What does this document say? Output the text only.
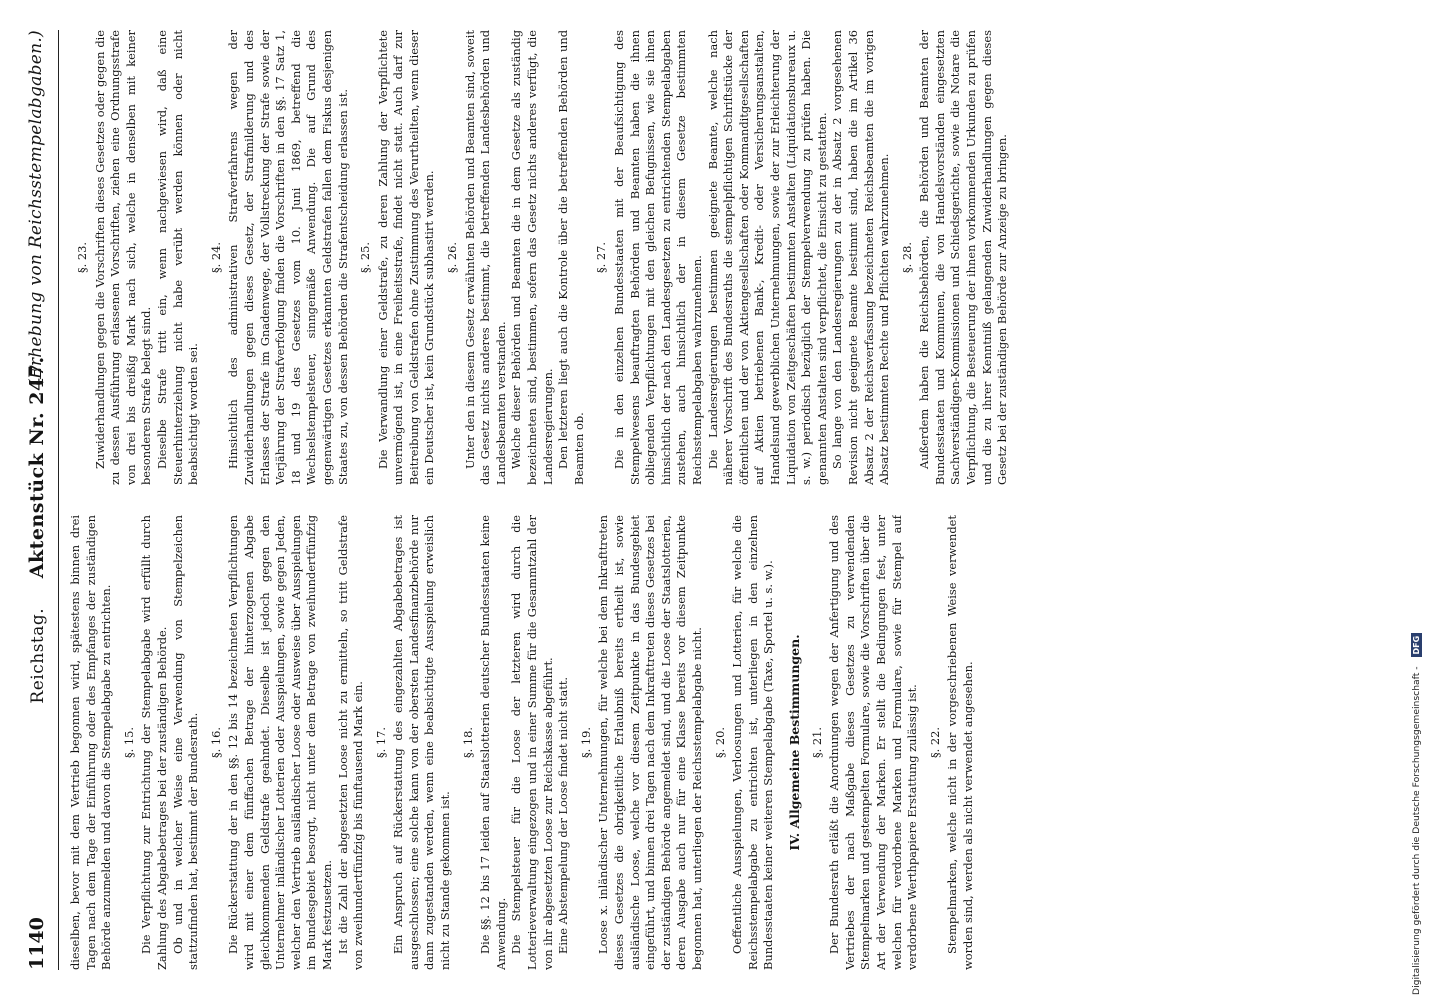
1140
Reichstag.     Aktenstück Nr. 247.
(Erhebung von Reichsstempelabgaben.)

dieselben, bevor mit dem Vertrieb begonnen wird, spätestens binnen drei Tagen nach dem Tage der Einführung oder des Empfanges der zuständigen Behörde anzumelden und davon die Stempelabgabe zu entrichten. §. 15. Die Verpflichtung zur Entrichtung der Stempelabgabe wird erfüllt durch Zahlung des Abgabebetrages bei der zuständigen Behörde. Ob und in welcher Weise eine Verwendung von Stempelzeichen stattzufinden hat, bestimmt der Bundesrath. §. 16. Die Rückerstattung der in den §§. 12 bis 14 bezeichneten Verpflichtungen wird mit einer dem fünffachen Betrage der hinterzogenen Abgabe gleichkommenden Geldstrafe geahndet. Dieselbe ist jedoch gegen den Unternehmer inländischer Lotterien oder Ausspielungen, sowie gegen Jeden, welcher den Vertrieb ausländischer Loose oder Ausweise über Ausspielungen im Bundesgebiet besorgt, nicht unter dem Betrage von zweihundertfünfzig Mark festzusetzen. Ist die Zahl der abgesetzten Loose nicht zu ermitteln, so tritt Geldstrafe von zweihundertfünfzig bis fünftausend Mark ein. §. 17. Ein Anspruch auf Rückerstattung des eingezahlten Abgabebetrages ist ausgeschlossen; eine solche kann von der obersten Landesfinanzbehörde nur dann zugestanden werden, wenn eine beabsichtigte Ausspielung erweislich nicht zu Stande gekommen ist.

§. 18. Die §§. 12 bis 17 leiden auf Staatslotterien deutscher Bundesstaaten keine Anwendung. Die Stempelsteuer für die Loose der letzteren wird durch die Lotterieverwaltung eingezogen und in einer Summe für die Gesammtzahl der von ihr abgesetzten Loose zur Reichskasse abgeführt. Eine Abstempelung der Loose findet nicht statt. §. 19. Loose x. inländischer Unternehmungen, für welche bei dem Inkrafttreten dieses Gesetzes die obrigkeitliche Erlaubniß bereits ertheilt ist, sowie ausländische Loose, welche vor diesem Zeitpunkte in das Bundesgebiet eingeführt, und binnen drei Tagen nach dem Inkrafttreten dieses Gesetzes bei der zuständigen Behörde angemeldet sind, und die Loose der Staatslotterien, deren Ausgabe auch nur für eine Klasse bereits vor diesem Zeitpunkte begonnen hat, unterliegen der Reichsstempelabgabe nicht. §. 20. Oeffentliche Ausspielungen, Verloosungen und Lotterien, für welche die Reichsstempelabgabe zu entrichten ist, unterliegen in den einzelnen Bundesstaaten keiner weiteren Stempelabgabe (Taxe, Sportel u. s. w.). IV. Allgemeine Bestimmungen. §. 21. Der Bundesrath erläßt die Anordnungen wegen der Anfertigung und des Vertriebes der nach Maßgabe dieses Gesetzes zu verwendenden Stempelmarken und gestempelten Formulare, sowie die Vorschriften über die Art der Verwendung der Marken. Er stellt die Bedingungen fest, unter welchen für verdorbene Marken und Formulare, sowie für Stempel auf verdorbene Werthpapiere Erstattung zulässig ist. §. 22. Stempelmarken, welche nicht in der vorgeschriebenen Weise verwendet worden sind, werden als nicht verwendet angesehen.

§. 23. Zuwiderhandlungen gegen die Vorschriften dieses Gesetzes oder gegen die zu dessen Ausführung erlassenen Vorschriften, ziehen eine Ordnungsstrafe von drei bis dreißig Mark nach sich, welche in denselben mit keiner besonderen Strafe belegt sind. Dieselbe Strafe tritt ein, wenn nachgewiesen wird, daß eine Steuerhinterziehung nicht habe verübt werden können oder nicht beabsichtigt worden sei.

§. 24. Hinsichtlich des administrativen Strafverfahrens wegen der Zuwiderhandlungen gegen dieses Gesetz, der Strafmilderung und des Erlasses der Strafe im Gnadenwege, der Vollstreckung der Strafe sowie der Verjährung der Strafverfolgung finden die Vorschriften in den §§. 17 Satz 1, 18 und 19 des Gesetzes vom 10. Juni 1869, betreffend die Wechselstempelsteuer, sinngemäße Anwendung. Die auf Grund des gegenwärtigen Gesetzes erkannten Geldstrafen fallen dem Fiskus desjenigen Staates zu, von dessen Behörden die Strafentscheidung erlassen ist. §. 25. Die Verwandlung einer Geldstrafe, zu deren Zahlung der Verpflichtete unvermögend ist, in eine Freiheitsstrafe, findet nicht statt. Auch darf zur Beitreibung von Geldstrafen ohne Zustimmung des Verurtheilten, wenn dieser ein Deutscher ist, kein Grundstück subhastirt werden. §. 26. Unter den in diesem Gesetz erwähnten Behörden und Beamten sind, soweit das Gesetz nichts anderes bestimmt, die betreffenden Landesbehörden und Landesbeamten verstanden. Welche dieser Behörden und Beamten die in dem Gesetze als zuständig bezeichneten sind, bestimmen, sofern das Gesetz nichts anderes verfügt, die Landesregierungen. Den letzteren liegt auch die Kontrole über die betreffenden Behörden und Beamten ob.

§. 27. Die in den einzelnen Bundesstaaten mit der Beaufsichtigung des Stempelwesens beauftragten Behörden und Beamten haben die ihnen obliegenden Verpflichtungen mit den gleichen Befugnissen, wie sie ihnen hinsichtlich der nach den Landesgesetzen zu entrichtenden Stempelabgaben zustehen, auch hinsichtlich der in diesem Gesetze bestimmten Reichsstempelabgaben wahrzunehmen. Die Landesregierungen bestimmen geeignete Beamte, welche nach näherer Vorschrift des Bundesraths die stempelpflichtigen Schriftstücke der öffentlichen und der von Aktiengesellschaften oder Kommanditgesellschaften auf Aktien betriebenen Bank-, Kredit- oder Versicherungsanstalten, Handelsund gewerblichen Unternehmungen, sowie der zur Erleichterung der Liquidation von Zeitgeschäften bestimmten Anstalten (Liquidationsbureaux u. s. w.) periodisch bezüglich der Stempelverwendung zu prüfen haben. Die genannten Anstalten sind verpflichtet, die Einsicht zu gestatten. So lange von den Landesregierungen zu der in Absatz 2 vorgesehenen Revision nicht geeignete Beamte bestimmt sind, haben die im Artikel 36 Absatz 2 der Reichsverfassung bezeichneten Reichsbeamten die im vorigen Absatz bestimmten Rechte und Pflichten wahrzunehmen. §. 28. Außerdem haben die Reichsbehörden, die Behörden und Beamten der Bundesstaaten und Kommunen, die von Handelsvorständen eingesetzten Sachverständigen-Kommissionen und Schiedsgerichte, sowie die Notare die Verpflichtung, die Besteuerung der ihnen vorkommenden Urkunden zu prüfen und die zu ihrer Kenntniß gelangenden Zuwiderhandlungen gegen dieses Gesetz bei der zuständigen Behörde zur Anzeige zu bringen.

Digitalisierung gefördert durch die Deutsche Forschungsgemeinschaft - DFG
